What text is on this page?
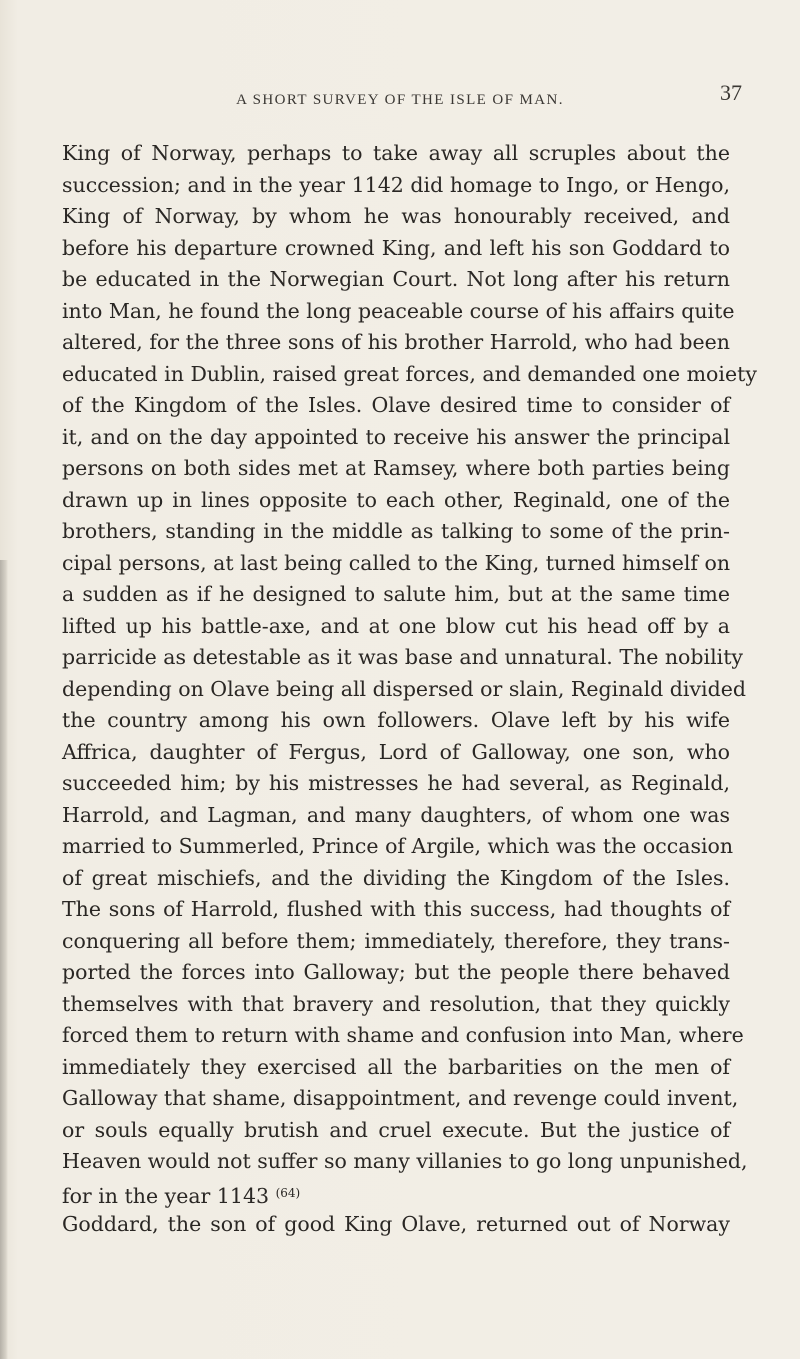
A SHORT SURVEY OF THE ISLE OF MAN.	37
King of Norway, perhaps to take away all scruples about the
succession; and in the year 1142 did homage to Ingo, or Hengo,
King of Norway, by whom he was honourably received, and
before his departure crowned King, and left his son Goddard to
be educated in the Norwegian Court. Not long after his return
into Man, he found the long peaceable course of his affairs quite
altered, for the three sons of his brother Harrold, who had been
educated in Dublin, raised great forces, and demanded one moiety
of the Kingdom of the Isles. Olave desired time to consider of
it, and on the day appointed to receive his answer the principal
persons on both sides met at Ramsey, where both parties being
drawn up in lines opposite to each other, Reginald, one of the
brothers, standing in the middle as talking to some of the prin-
cipal persons, at last being called to the King, turned himself on
a sudden as if he designed to salute him, but at the same time
lifted up his battle-axe, and at one blow cut his head off by a
parricide as detestable as it was base and unnatural. The nobility
depending on Olave being all dispersed or slain, Reginald divided
the country among his own followers. Olave left by his wife
Affrica, daughter of Fergus, Lord of Galloway, one son, who
succeeded him; by his mistresses he had several, as Reginald,
Harrold, and Lagman, and many daughters, of whom one was
married to Summerled, Prince of Argile, which was the occasion
of great mischiefs, and the dividing the Kingdom of the Isles.
The sons of Harrold, flushed with this success, had thoughts of
conquering all before them; immediately, therefore, they trans-
ported the forces into Galloway; but the people there behaved
themselves with that bravery and resolution, that they quickly
forced them to return with shame and confusion into Man, where
immediately they exercised all the barbarities on the men of
Galloway that shame, disappointment, and revenge could invent,
or souls equally brutish and cruel execute. But the justice of
Heaven would not suffer so many villanies to go long unpunished,
for in the year 1143 $^{(64)}$
Goddard, the son of good King Olave, returned out of Norway
